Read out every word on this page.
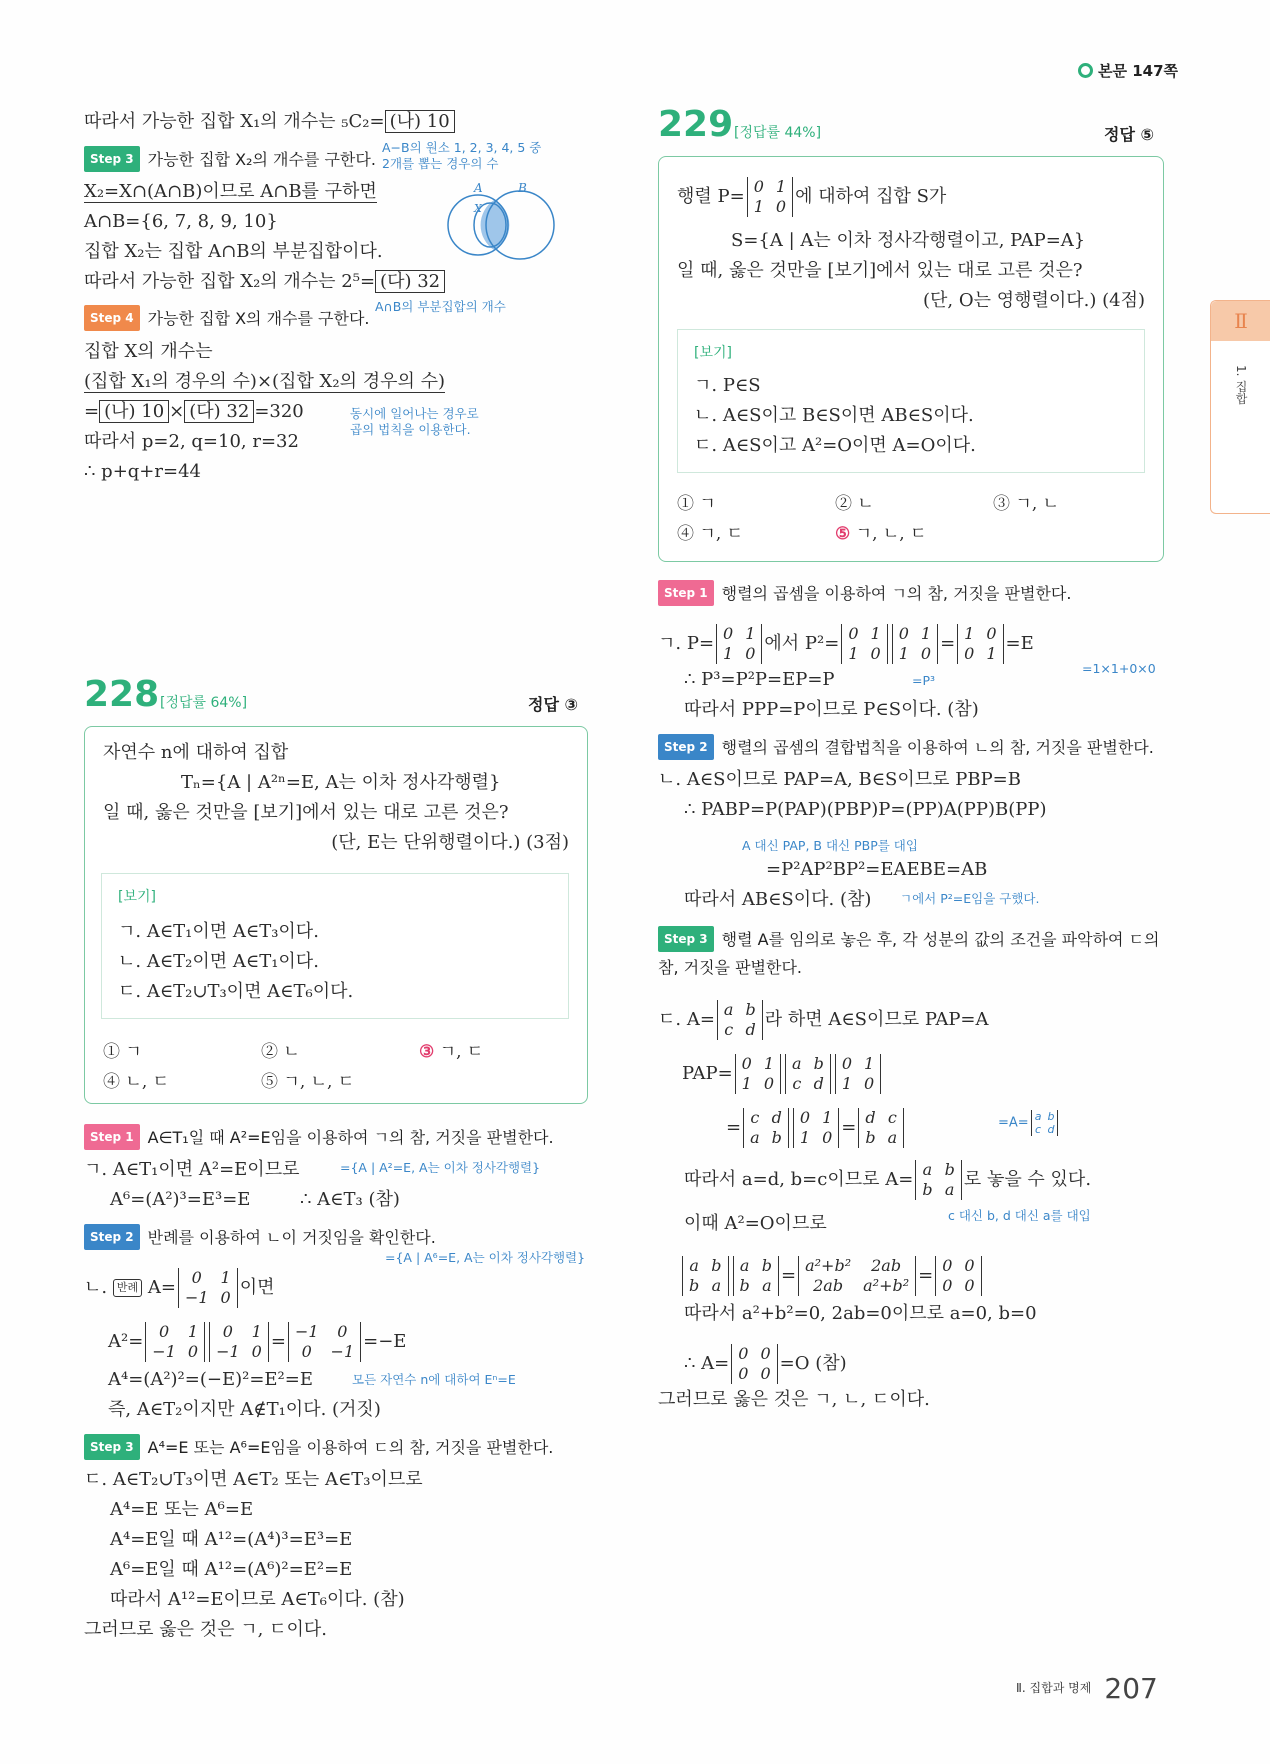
본문 147쪽
Ⅱ
1. 집합
따라서 가능한 집합 X₁의 개수는 ₅C₂= (나) 10
A−B의 원소 1, 2, 3, 4, 5 중
2개를 뽑는 경우의 수
Step 3 가능한 집합 X₂의 개수를 구한다.
X₂=X∩(A∩B)이므로 A∩B를 구하면
A∩B={6, 7, 8, 9, 10}
A	B
X
집합 X₂는 집합 A∩B의 부분집합이다.
따라서 가능한 집합 X₂의 개수는 2⁵= (다) 32
A∩B의 부분집합의 개수
Step 4 가능한 집합 X의 개수를 구한다.
집합 X의 개수는
(집합 X₁의 경우의 수)×(집합 X₂의 경우의 수)
= (나) 10 × (다) 32 =320	동시에 일어나는 경우로
곱의 법칙을 이용한다.
따라서 p=2, q=10, r=32
∴ p+q+r=44
228 [정답률 64%]	정답 ③
자연수 n에 대하여 집합
Tₙ={A | A²ⁿ=E, A는 이차 정사각행렬}
일 때, 옳은 것만을 [보기]에서 있는 대로 고른 것은?
(단, E는 단위행렬이다.) (3점)
[보기]
ㄱ. A∈T₁이면 A∈T₃이다.
ㄴ. A∈T₂이면 A∈T₁이다.
ㄷ. A∈T₂∪T₃이면 A∈T₆이다.
① ㄱ	② ㄴ	③ ㄱ, ㄷ
④ ㄴ, ㄷ	⑤ ㄱ, ㄴ, ㄷ
Step 1 A∈T₁일 때 A²=E임을 이용하여 ㄱ의 참, 거짓을 판별한다.
ㄱ. A∈T₁이면 A²=E이므로	={A | A²=E, A는 이차 정사각행렬}
A⁶=(A²)³=E³=E	∴ A∈T₃ (참)
Step 2 반례를 이용하여 ㄴ이 거짓임을 확인한다.
={A | A⁶=E, A는 이차 정사각행렬}
ㄴ. 반례 A= 0	1
−1	0 이면
A²= 0	1
−1	0
0	1
−1	0 = −1	0
0	−1 =−E
A⁴=(A²)²=(−E)²=E²=E	모든 자연수 n에 대하여 Eⁿ=E
즉, A∈T₂이지만 A∉T₁이다. (거짓)
Step 3 A⁴=E 또는 A⁶=E임을 이용하여 ㄷ의 참, 거짓을 판별한다.
ㄷ. A∈T₂∪T₃이면 A∈T₂ 또는 A∈T₃이므로
A⁴=E 또는 A⁶=E
A⁴=E일 때 A¹²=(A⁴)³=E³=E
A⁶=E일 때 A¹²=(A⁶)²=E²=E
따라서 A¹²=E이므로 A∈T₆이다. (참)
그러므로 옳은 것은 ㄱ, ㄷ이다.
229 [정답률 44%]	정답 ⑤
행렬 P= 0	1
1	0 에 대하여 집합 S가
S={A | A는 이차 정사각행렬이고, PAP=A}
일 때, 옳은 것만을 [보기]에서 있는 대로 고른 것은?
(단, O는 영행렬이다.) (4점)
[보기]
ㄱ. P∈S
ㄴ. A∈S이고 B∈S이면 AB∈S이다.
ㄷ. A∈S이고 A²=O이면 A=O이다.
① ㄱ	② ㄴ	③ ㄱ, ㄴ
④ ㄱ, ㄷ	⑤ ㄱ, ㄴ, ㄷ
Step 1 행렬의 곱셈을 이용하여 ㄱ의 참, 거짓을 판별한다.
ㄱ. P= 0	1
1	0 에서 P²= 0	1
1	0
0	1
1	0 = 1	0
0	1 =E
=1×1+0×0
∴ P³=P²P=EP=P	=P³
따라서 PPP=P이므로 P∈S이다. (참)
Step 2 행렬의 곱셈의 결합법칙을 이용하여 ㄴ의 참, 거짓을 판별한다.
ㄴ. A∈S이므로 PAP=A, B∈S이므로 PBP=B
∴ PABP=P(PAP)(PBP)P=(PP)A(PP)B(PP)
A 대신 PAP, B 대신 PBP를 대입
=P²AP²BP²=EAEBE=AB
따라서 AB∈S이다. (참) ㄱ에서 P²=E임을 구했다.
Step 3 행렬 A를 임의로 놓은 후, 각 성분의 값의 조건을 파악하여 ㄷ의
참, 거짓을 판별한다.
ㄷ. A= a	b
c	d 라 하면 A∈S이므로 PAP=A
PAP= 0	1
1	0
a	b
c	d
0	1
1	0
= c	d
a	b
0	1
1	0 = d	c
b	a
=A= a	b
c	d
따라서 a=d, b=c이므로 A= a	b
b	a 로 놓을 수 있다.
c 대신 b, d 대신 a를 대입
이때 A²=O이므로
a	b
b	a
a	b
b	a = a²+b²	2ab
2ab	a²+b² = 0	0
0	0
따라서 a²+b²=0, 2ab=0이므로 a=0, b=0
∴ A= 0	0
0	0 =O (참)
그러므로 옳은 것은 ㄱ, ㄴ, ㄷ이다.
$^{Ⅱ. 집합과 명제}$ 207
